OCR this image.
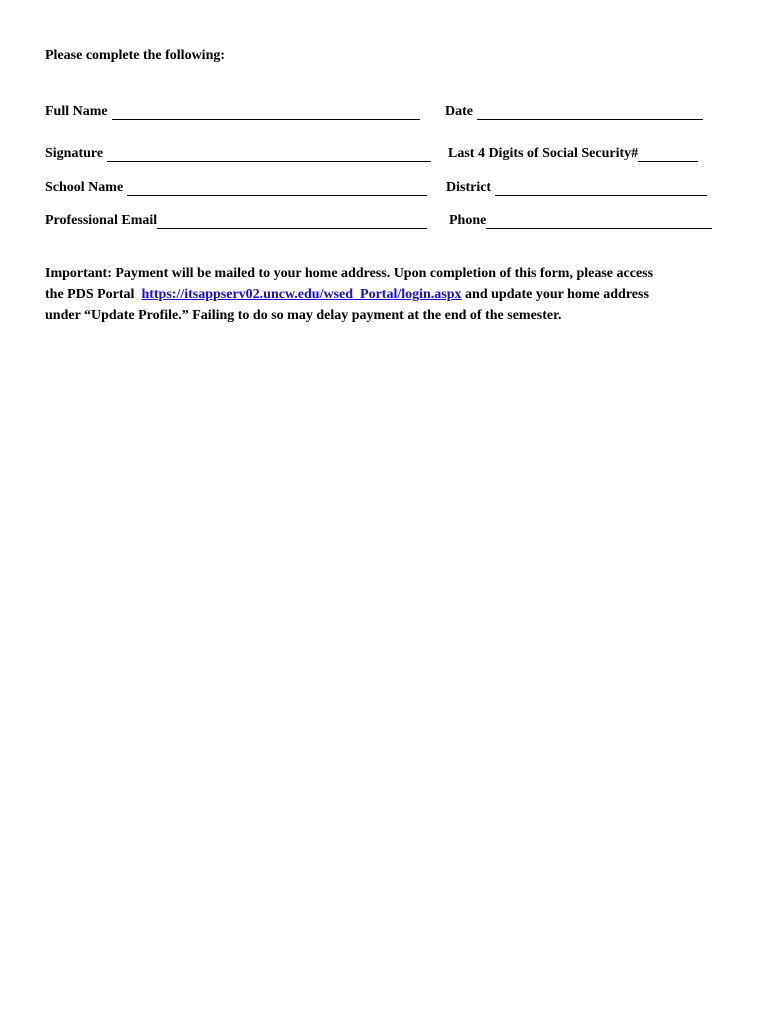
Please complete the following:
Full Name	Date
Signature	Last 4 Digits of Social Security#
School Name	District
Professional Email	Phone
Important: Payment will be mailed to your home address. Upon completion of this form, please access
the PDS Portal https://itsappserv02.uncw.edu/wsed_Portal/login.aspx and update your home address
under “Update Profile.” Failing to do so may delay payment at the end of the semester.
